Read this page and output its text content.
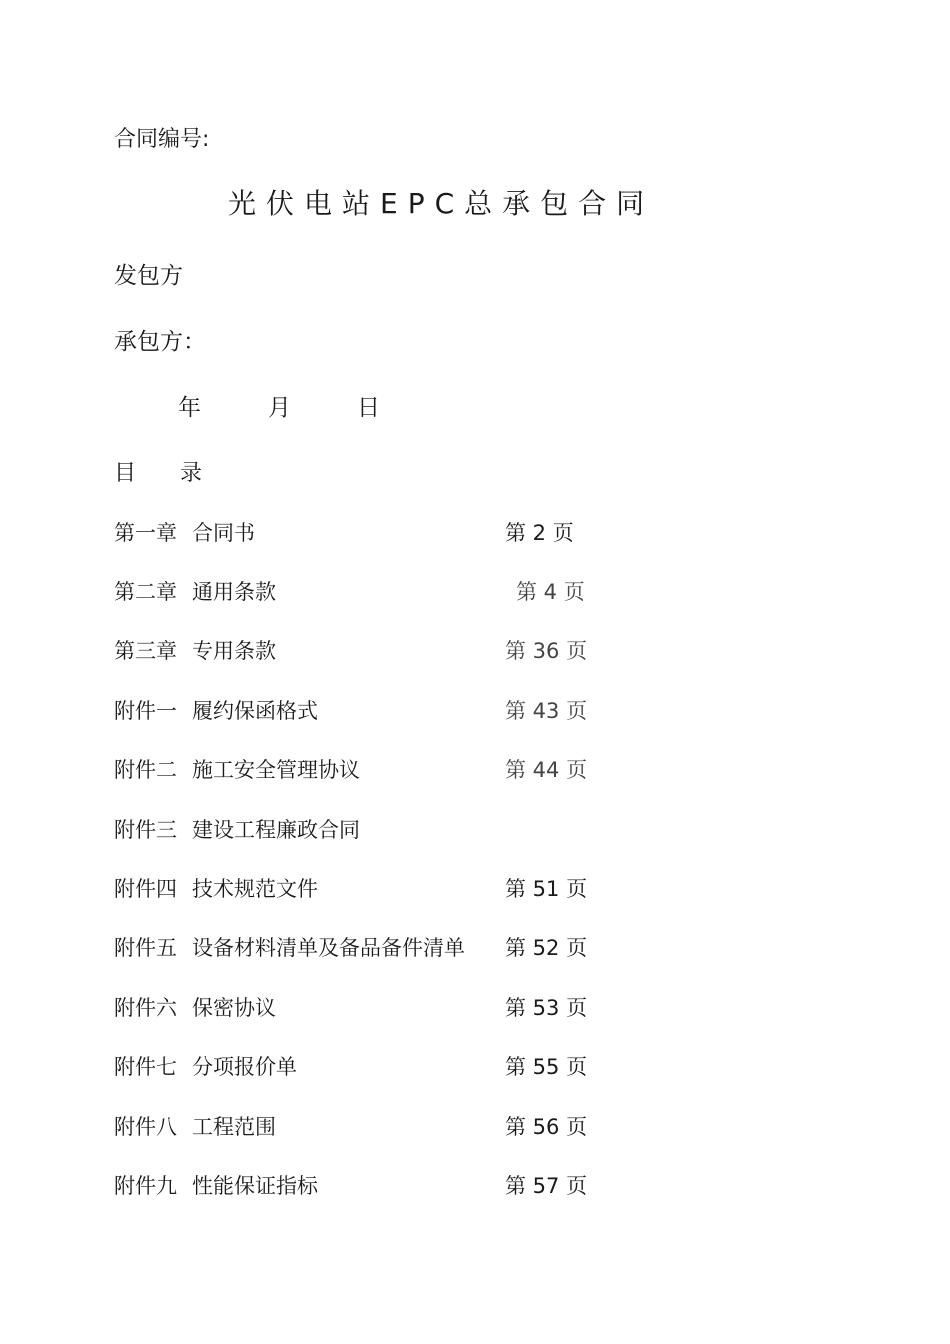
合同编号:
光伏电站EPC总承包合同
发包方
承包方：
年	月	日
目 录
第一章 合同书	第 2 页
第二章 通用条款	第 4 页
第三章 专用条款	第 36 页
附件一 履约保函格式	第 43 页
附件二 施工安全管理协议	第 44 页
附件三 建设工程廉政合同
附件四 技术规范文件	第 51 页
附件五 设备材料清单及备品备件清单 第 52 页
附件六 保密协议	第 53 页
附件七 分项报价单	第 55 页
附件八 工程范围	第 56 页
附件九 性能保证指标	第 57 页
